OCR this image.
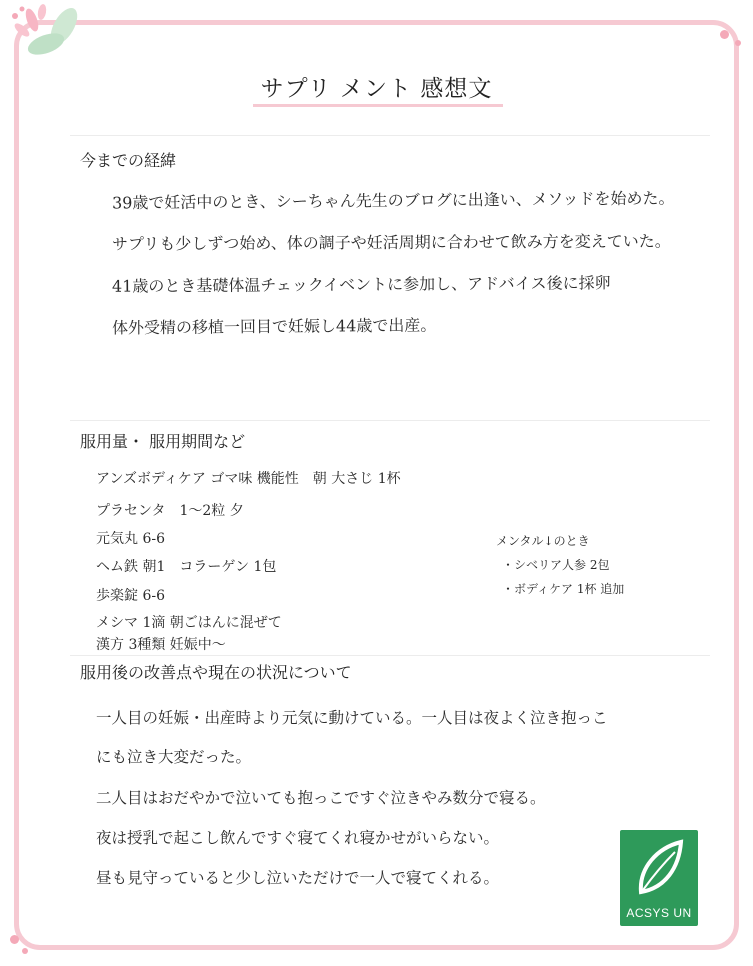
サプリ メント 感想文
今までの経緯
39歳で妊活中のとき、シーちゃん先生のブログに出逢い、メソッドを始めた。
サプリも少しずつ始め、体の調子や妊活周期に合わせて飲み方を変えていた。
41歳のとき基礎体温チェックイベントに参加し、アドバイス後に採卵
体外受精の移植一回目で妊娠し44歳で出産。
服用量・ 服用期間など
アンズボディケア ゴマ味 機能性　朝 大さじ 1杯
プラセンタ　1〜2粒 夕
元気丸 6-6
ヘム鉄 朝1　コラーゲン 1包
歩楽錠 6-6
メシマ 1滴 朝ごはんに混ぜて
漢方 3種類 妊娠中〜
メンタル↓のとき
・シベリア人参 2包
・ボディケア 1杯 追加
服用後の改善点や現在の状況について
一人目の妊娠・出産時より元気に動けている。一人目は夜よく泣き抱っこ
にも泣き大変だった。
二人目はおだやかで泣いても抱っこですぐ泣きやみ数分で寝る。
夜は授乳で起こし飲んですぐ寝てくれ寝かせがいらない。
昼も見守っていると少し泣いただけで一人で寝てくれる。
ACSYS UN
